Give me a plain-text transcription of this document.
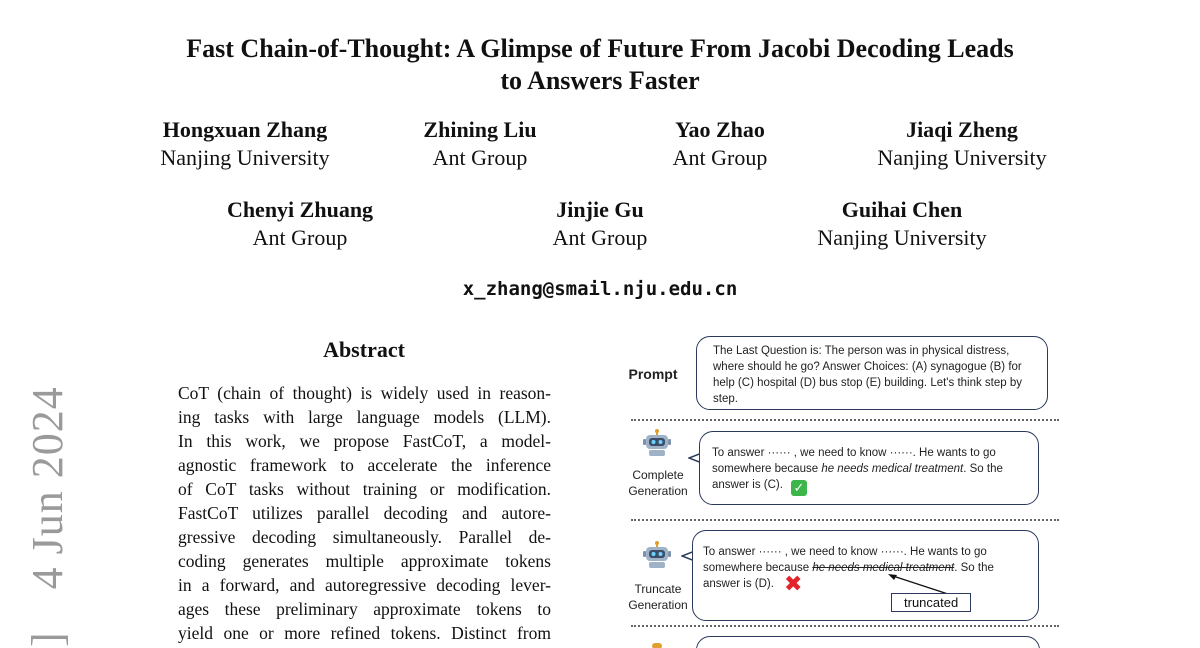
Fast Chain-of-Thought: A Glimpse of Future From Jacobi Decoding Leads
to Answers Faster
Hongxuan Zhang
Nanjing University
Zhining Liu
Ant Group
Yao Zhao
Ant Group
Jiaqi Zheng
Nanjing University
Chenyi Zhuang
Ant Group
Jinjie Gu
Ant Group
Guihai Chen
Nanjing University
x_zhang@smail.nju.edu.cn
]  4 Jun 2024
Abstract
CoT (chain of thought) is widely used in reason-
ing tasks with large language models (LLM).
In this work, we propose FastCoT, a model-
agnostic framework to accelerate the inference
of CoT tasks without training or modification.
FastCoT utilizes parallel decoding and autore-
gressive decoding simultaneously. Parallel de-
coding generates multiple approximate tokens
in a forward, and autoregressive decoding lever-
ages these preliminary approximate tokens to
yield one or more refined tokens. Distinct from
Prompt
The Last Question is: The person was in physical distress, where should he go? Answer Choices: (A) synagogue (B) for help (C) hospital (D) bus stop (E) building. Let's think step by step.
Complete
Generation
To answer ······ , we need to know ······. He wants to go somewhere because he needs medical treatment. So the answer is (C). ✓
Truncate
Generation
To answer ······ , we need to know ······. He wants to go somewhere because he needs medical treatment. So the answer is (D). ✖
truncated
